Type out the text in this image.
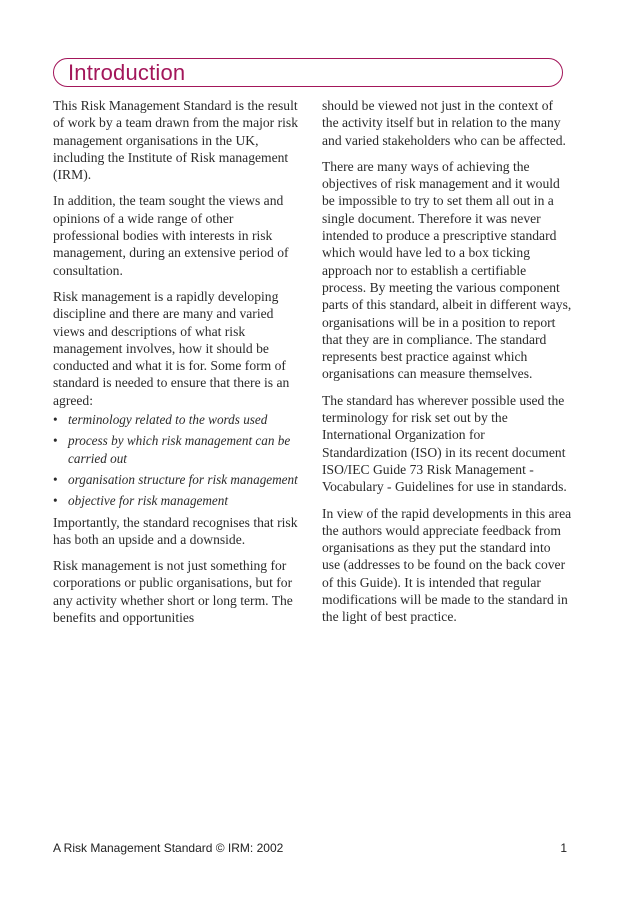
Introduction

This Risk Management Standard is the result of work by a team drawn from the major risk management organisations in the UK, including the Institute of Risk management (IRM).

In addition, the team sought the views and opinions of a wide range of other professional bodies with interests in risk management, during an extensive period of consultation.

Risk management is a rapidly developing discipline and there are many and varied views and descriptions of what risk management involves, how it should be conducted and what it is for. Some form of standard is needed to ensure that there is an agreed:

• terminology related to the words used
• process by which risk management can be carried out
• organisation structure for risk management
• objective for risk management

Importantly, the standard recognises that risk has both an upside and a downside.

Risk management is not just something for corporations or public organisations, but for any activity whether short or long term. The benefits and opportunities

should be viewed not just in the context of the activity itself but in relation to the many and varied stakeholders who can be affected.

There are many ways of achieving the objectives of risk management and it would be impossible to try to set them all out in a single document. Therefore it was never intended to produce a prescriptive standard which would have led to a box ticking approach nor to establish a certifiable process. By meeting the various component parts of this standard, albeit in different ways, organisations will be in a position to report that they are in compliance. The standard represents best practice against which organisations can measure themselves.

The standard has wherever possible used the terminology for risk set out by the International Organization for Standardization (ISO) in its recent document ISO/IEC Guide 73 Risk Management - Vocabulary - Guidelines for use in standards.

In view of the rapid developments in this area the authors would appreciate feedback from organisations as they put the standard into use (addresses to be found on the back cover of this Guide). It is intended that regular modifications will be made to the standard in the light of best practice.

A Risk Management Standard © IRM: 2002	1
